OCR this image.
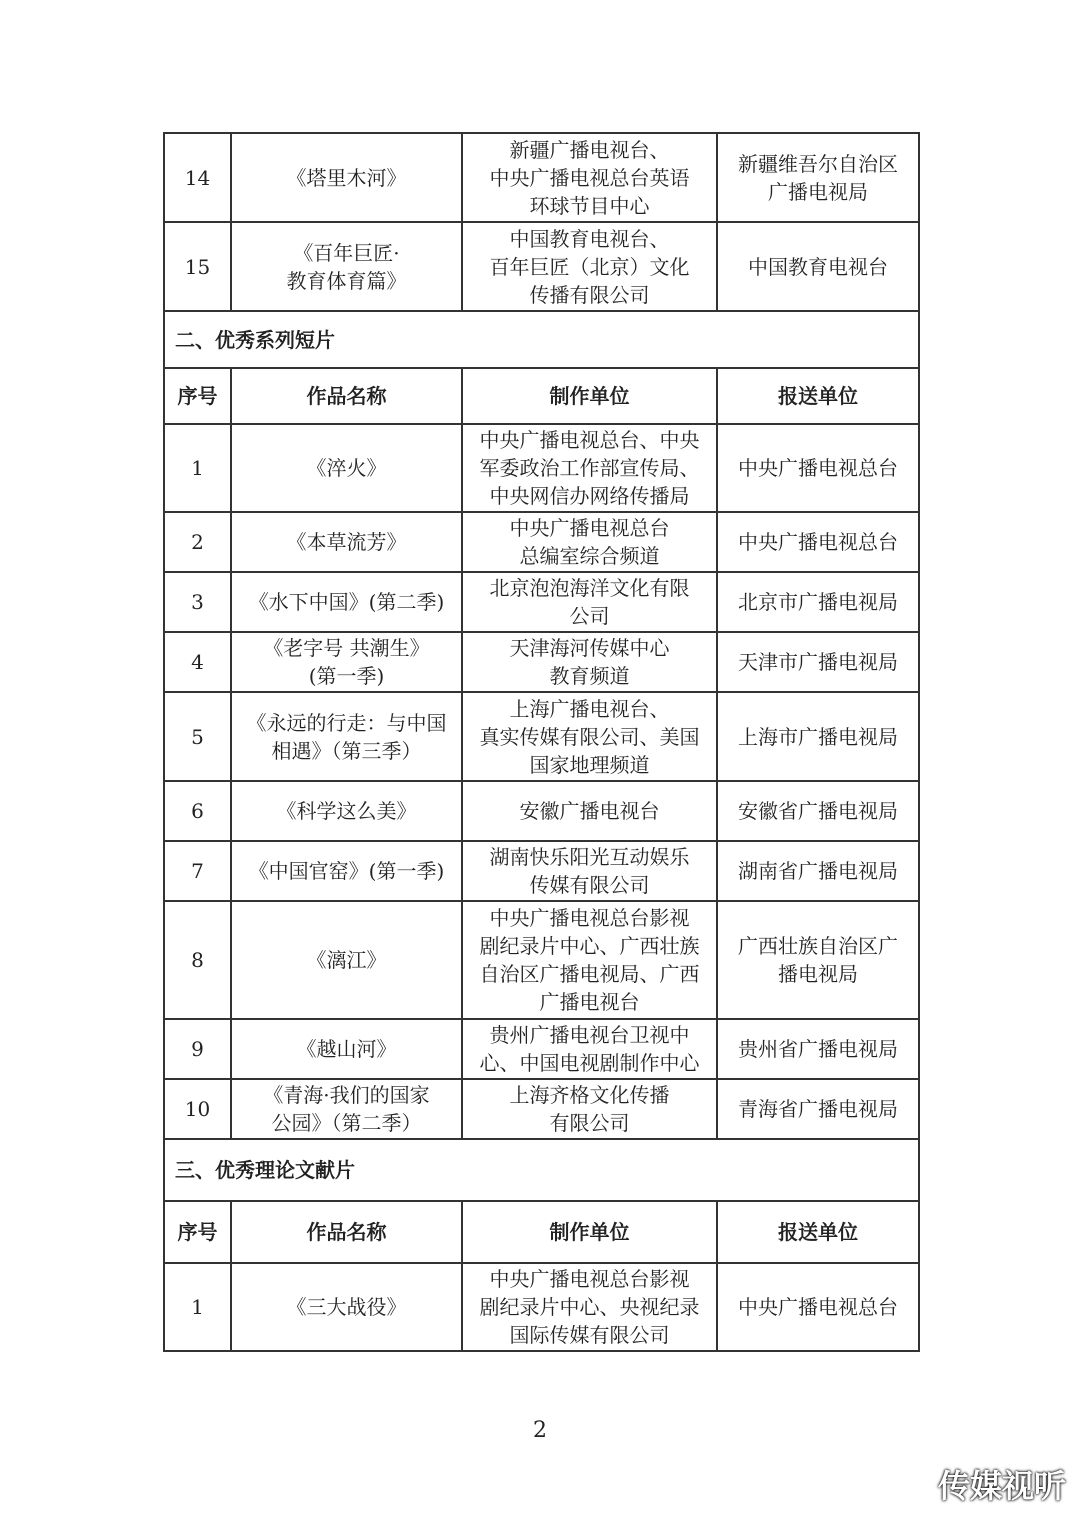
14	《塔里木河》	新疆广播电视台、
中央广播电视总台英语
环球节目中心	新疆维吾尔自治区
广播电视局
15	《百年巨匠·
教育体育篇》	中国教育电视台、
百年巨匠（北京）文化
传播有限公司	中国教育电视台
二、优秀系列短片			
序号	作品名称	制作单位	报送单位
1	《淬火》	中央广播电视总台、中央
军委政治工作部宣传局、
中央网信办网络传播局	中央广播电视总台
2	《本草流芳》	中央广播电视总台
总编室综合频道	中央广播电视总台
3	《水下中国》(第二季)	北京泡泡海洋文化有限
公司	北京市广播电视局
4	《老字号 共潮生》
(第一季)	天津海河传媒中心
教育频道	天津市广播电视局
5	《永远的行走：与中国
相遇》（第三季）	上海广播电视台、
真实传媒有限公司、美国
国家地理频道	上海市广播电视局
6	《科学这么美》	安徽广播电视台	安徽省广播电视局
7	《中国官窑》(第一季)	湖南快乐阳光互动娱乐
传媒有限公司	湖南省广播电视局
8	《漓江》	中央广播电视总台影视
剧纪录片中心、广西壮族
自治区广播电视局、广西
广播电视台	广西壮族自治区广
播电视局
9	《越山河》	贵州广播电视台卫视中
心、中国电视剧制作中心	贵州省广播电视局
10	《青海·我们的国家
公园》（第二季）	上海齐格文化传播
有限公司	青海省广播电视局
三、优秀理论文献片			
序号	作品名称	制作单位	报送单位
1	《三大战役》	中央广播电视总台影视
剧纪录片中心、央视纪录
国际传媒有限公司	中央广播电视总台
2
传媒视听
